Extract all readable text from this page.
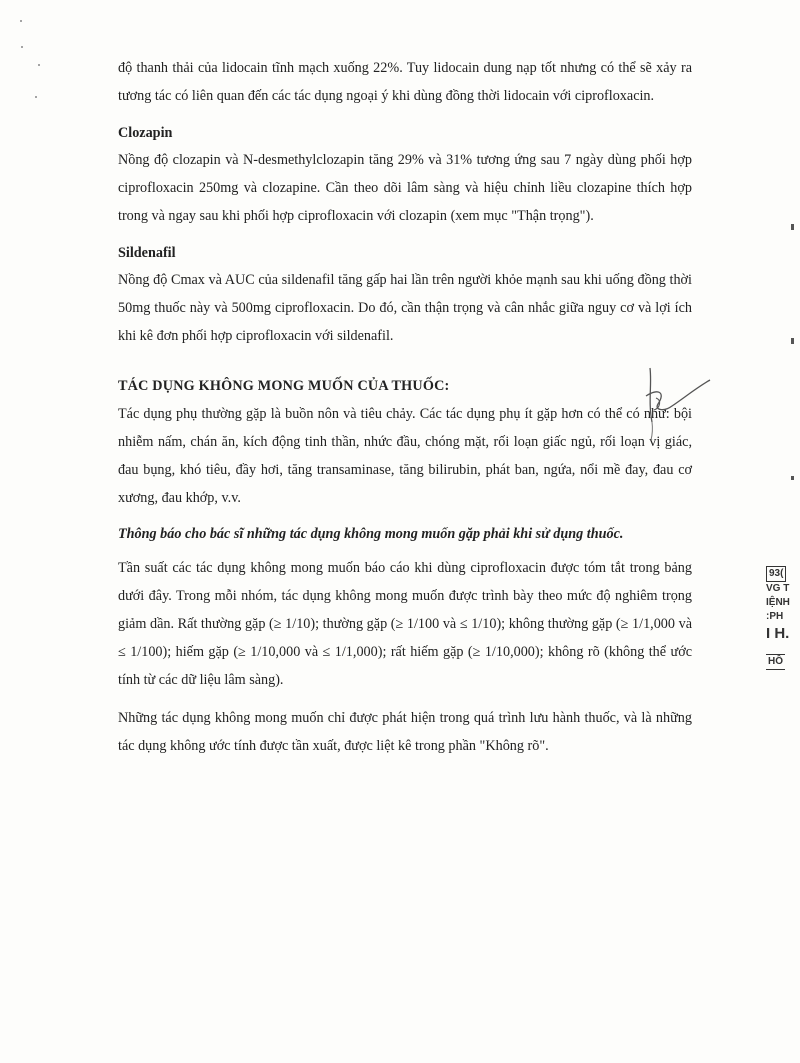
độ thanh thải của lidocain tĩnh mạch xuống 22%. Tuy lidocain dung nạp tốt nhưng có thể sẽ xảy ra tương tác có liên quan đến các tác dụng ngoại ý khi dùng đồng thời lidocain với ciprofloxacin.

Clozapin

Nồng độ clozapin và N-desmethylclozapin tăng 29% và 31% tương ứng sau 7 ngày dùng phối hợp ciprofloxacin 250mg và clozapine. Cần theo dõi lâm sàng và hiệu chỉnh liều clozapine thích hợp trong và ngay sau khi phối hợp ciprofloxacin với clozapin (xem mục "Thận trọng").

Sildenafil

Nồng độ Cmax và AUC của sildenafil tăng gấp hai lần trên người khỏe mạnh sau khi uống đồng thời 50mg thuốc này và 500mg ciprofloxacin. Do đó, cần thận trọng và cân nhắc giữa nguy cơ và lợi ích khi kê đơn phối hợp ciprofloxacin với sildenafil.

TÁC DỤNG KHÔNG MONG MUỐN CỦA THUỐC:

Tác dụng phụ thường gặp là buồn nôn và tiêu chảy. Các tác dụng phụ ít gặp hơn có thể có như: bội nhiễm nấm, chán ăn, kích động tinh thần, nhức đầu, chóng mặt, rối loạn giấc ngủ, rối loạn vị giác, đau bụng, khó tiêu, đầy hơi, tăng transaminase, tăng bilirubin, phát ban, ngứa, nổi mề đay, đau cơ xương, đau khớp, v.v.

Thông báo cho bác sĩ những tác dụng không mong muốn gặp phải khi sử dụng thuốc.

Tần suất các tác dụng không mong muốn báo cáo khi dùng ciprofloxacin được tóm tắt trong bảng dưới đây. Trong mỗi nhóm, tác dụng không mong muốn được trình bày theo mức độ nghiêm trọng giảm dần. Rất thường gặp (≥ 1/10); thường gặp (≥ 1/100 và ≤ 1/10); không thường gặp (≥ 1/1,000 và ≤ 1/100); hiếm gặp (≥ 1/10,000 và ≤ 1/1,000); rất hiếm gặp (≥ 1/10,000); không rõ (không thể ước tính từ các dữ liệu lâm sàng).

Những tác dụng không mong muốn chỉ được phát hiện trong quá trình lưu hành thuốc, và là những tác dụng không ước tính được tần xuất, được liệt kê trong phần "Không rõ".

93(
VG T
IỆNH
:PH
I H.
HỒ
